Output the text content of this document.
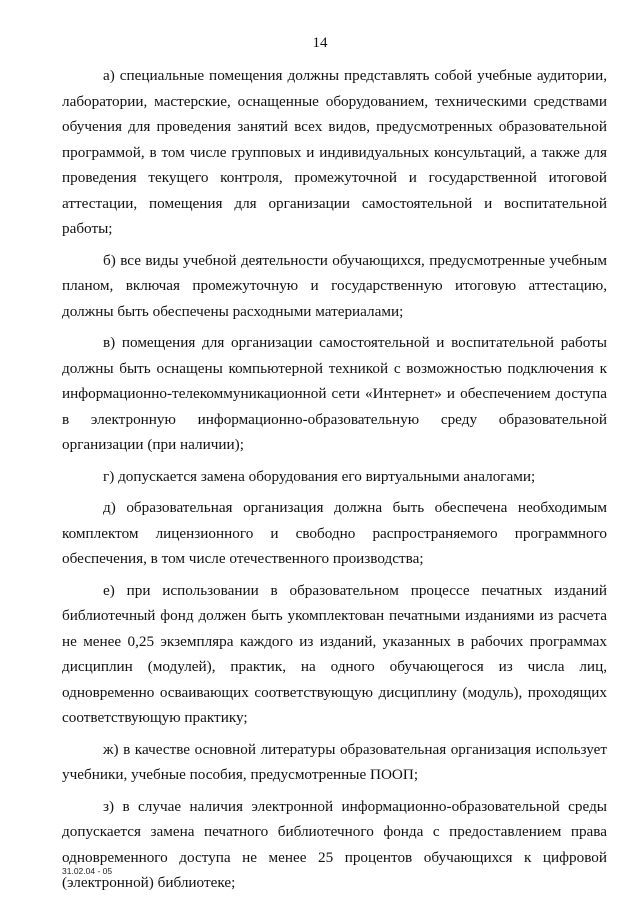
14

а) специальные помещения должны представлять собой учебные аудитории, лаборатории, мастерские, оснащенные оборудованием, техническими средствами обучения для проведения занятий всех видов, предусмотренных образовательной программой, в том числе групповых и индивидуальных консультаций, а также для проведения текущего контроля, промежуточной и государственной итоговой аттестации, помещения для организации самостоятельной и воспитательной работы;

б) все виды учебной деятельности обучающихся, предусмотренные учебным планом, включая промежуточную и государственную итоговую аттестацию, должны быть обеспечены расходными материалами;

в) помещения для организации самостоятельной и воспитательной работы должны быть оснащены компьютерной техникой с возможностью подключения к информационно-телекоммуникационной сети «Интернет» и обеспечением доступа в электронную информационно-образовательную среду образовательной организации (при наличии);

г) допускается замена оборудования его виртуальными аналогами;

д) образовательная организация должна быть обеспечена необходимым комплектом лицензионного и свободно распространяемого программного обеспечения, в том числе отечественного производства;

е) при использовании в образовательном процессе печатных изданий библиотечный фонд должен быть укомплектован печатными изданиями из расчета не менее 0,25 экземпляра каждого из изданий, указанных в рабочих программах дисциплин (модулей), практик, на одного обучающегося из числа лиц, одновременно осваивающих соответствующую дисциплину (модуль), проходящих соответствующую практику;

ж) в качестве основной литературы образовательная организация использует учебники, учебные пособия, предусмотренные ПООП;

з) в случае наличия электронной информационно-образовательной среды допускается замена печатного библиотечного фонда с предоставлением права одновременного доступа не менее 25 процентов обучающихся к цифровой (электронной) библиотеке;

31.02.04 - 05
